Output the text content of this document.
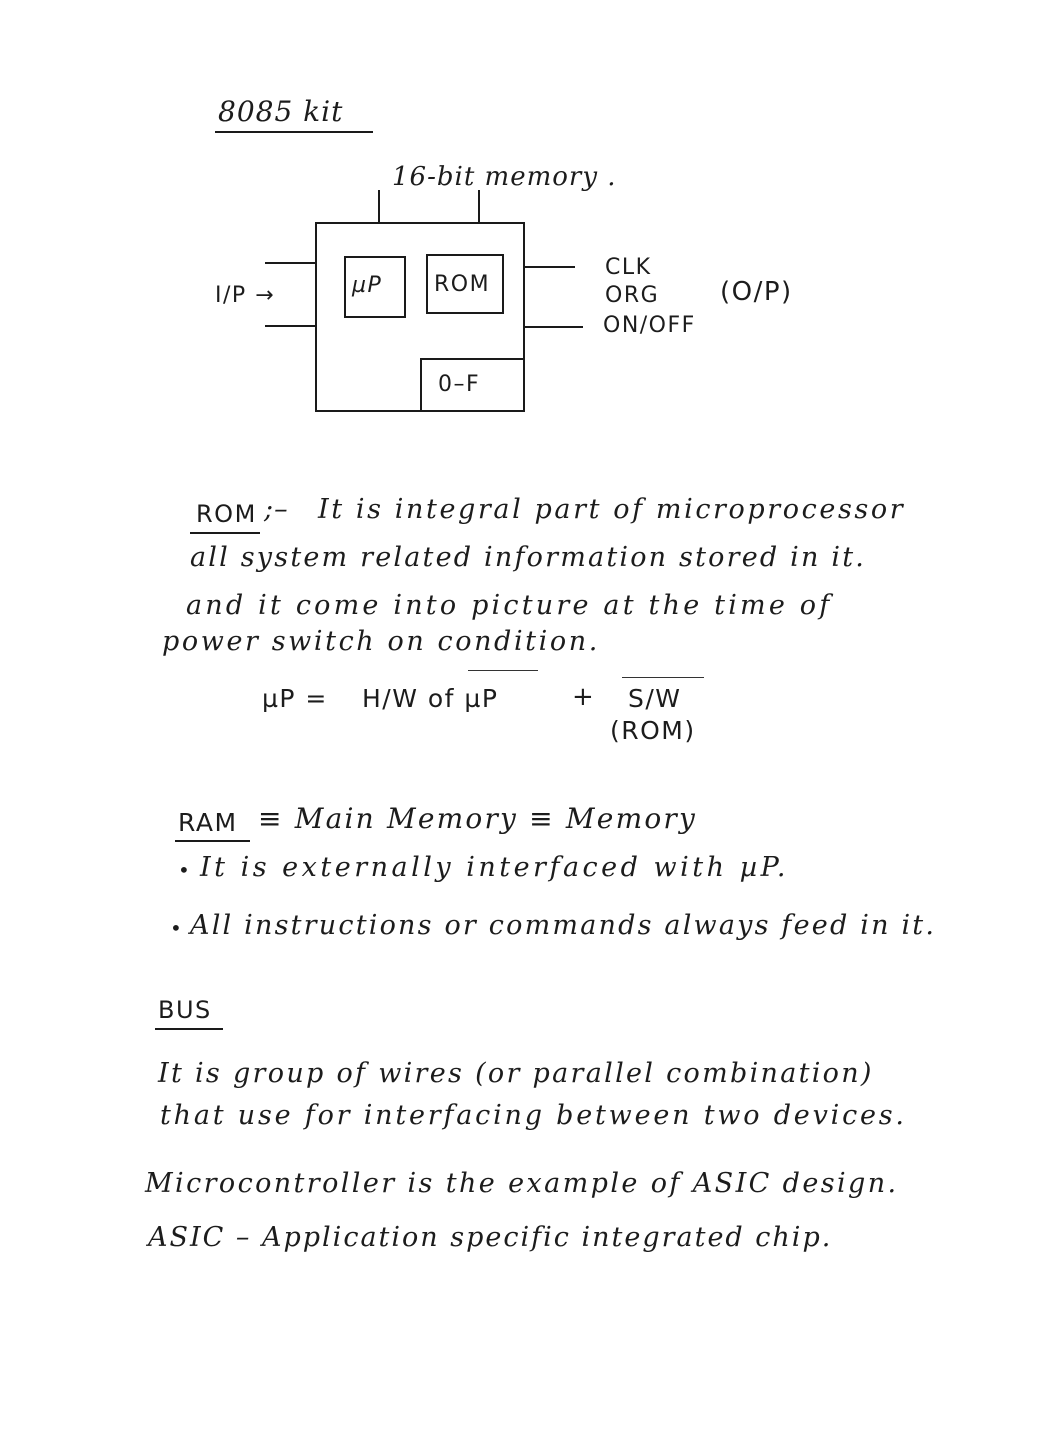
8085 kit
16-bit memory .
µP ROM
0–F
I/P →
CLK
ORG
ON/OFF
(O/P)
ROM ;– It is integral part of microprocessor
all system related information stored in it.
and it come into picture at the time of
power switch on condition.
µP = H/W of µP	+ S/W
(ROM)
RAM ≡ Main Memory ≡ Memory
• It is externally interfaced with µP.
• All instructions or commands always feed in it.
BUS
It is group of wires (or parallel combination)
that use for interfacing between two devices.
Microcontroller is the example of ASIC design.
ASIC – Application specific integrated chip.
